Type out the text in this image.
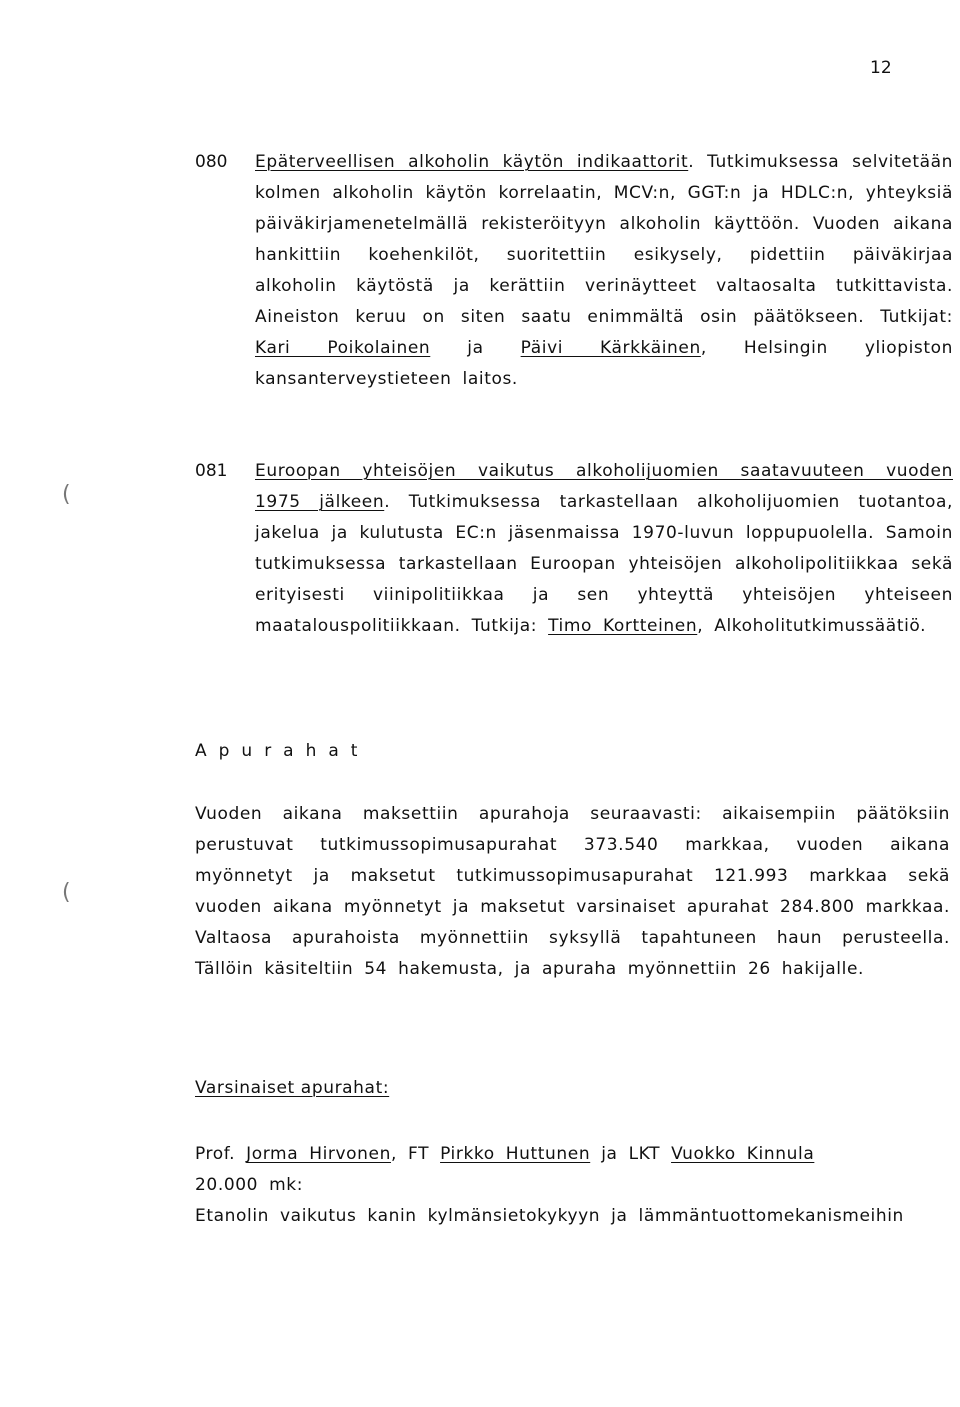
12
080 Epäterveellisen alkoholin käytön indikaattorit. Tutkimuksessa selvitetään kolmen alkoholin käytön korrelaatin, MCV:n, GGT:n ja HDLC:n, yhteyksiä päiväkirjamenetelmällä rekisteröityyn alkoholin käyttöön. Vuoden aikana hankittiin koehenkilöt, suoritettiin esikysely, pidettiin päiväkirjaa alkoholin käytöstä ja kerättiin verinäytteet valtaosalta tutkittavista. Aineiston keruu on siten saatu enimmältä osin päätökseen. Tutkijat: Kari Poikolainen ja Päivi Kärkkäinen, Helsingin yliopiston kansanterveystieteen laitos.
081 Euroopan yhteisöjen vaikutus alkoholijuomien saatavuuteen vuoden 1975 jälkeen. Tutkimuksessa tarkastellaan alkoholijuomien tuotantoa, jakelua ja kulutusta EC:n jäsenmaissa 1970-luvun loppupuolella. Samoin tutkimuksessa tarkastellaan Euroopan yhteisöjen alkoholipolitiikkaa sekä erityisesti viinipolitiikkaa ja sen yhteyttä yhteisöjen yhteiseen maatalouspolitiikkaan. Tutkija: Timo Kortteinen, Alkoholitutkimussäätiö.
Apurahat
Vuoden aikana maksettiin apurahoja seuraavasti: aikaisempiin päätöksiin perustuvat tutkimussopimusapurahat 373.540 markkaa, vuoden aikana myönnetyt ja maksetut tutkimussopimusapurahat 121.993 markkaa sekä vuoden aikana myönnetyt ja maksetut varsinaiset apurahat 284.800 markkaa. Valtaosa apurahoista myönnettiin syksyllä tapahtuneen haun perusteella. Tällöin käsiteltiin 54 hakemusta, ja apuraha myönnettiin 26 hakijalle.
Varsinaiset apurahat:
Prof. Jorma Hirvonen, FT Pirkko Huttunen ja LKT Vuokko Kinnula
20.000 mk:
Etanolin vaikutus kanin kylmänsietokykyyn ja lämmäntuottomekanismeihin
(
(
